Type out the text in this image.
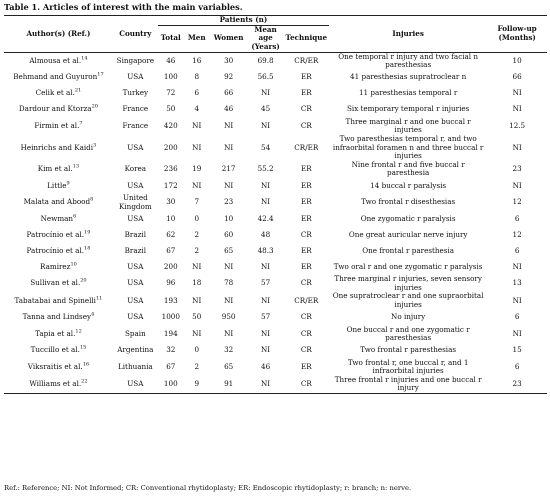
Table 1. Articles of interest with the main variables.
Author(s) (Ref.)	Country	Patients (n)					Injuries	Follow-up (Months)
		Total	Men	Women	Mean age (Years)	Technique		
Almousa et al.$^{14}$	Singapore	46	16	30	69.8	CR/ER	One temporal r injury and two facial n paresthesias	10
Behmand and Guyuron$^{17}$	USA	100	8	92	56.5	ER	41 paresthesias supratroclear n	66
Celik et al.$^{21}$	Turkey	72	6	66	NI	ER	11 paresthesias temporal r	NI
Dardour and Ktorza$^{20}$	France	50	4	46	45	CR	Six temporary temporal r injuries	NI
Firmin et al.$^7$	France	420	NI	NI	NI	CR	Three marginal r and one buccal r injuries	12.5
Heinrichs and Kaidi$^3$	USA	200	NI	NI	54	CR/ER	Two paresthesias temporal r, and two infraorbital foramen n and three buccal r injuries	NI
Kim et al.$^{13}$	Korea	236	19	217	55.2	ER	Nine frontal r and five buccal r paresthesia	23
Little$^9$	USA	172	NI	NI	NI	ER	14 buccal r paralysis	NI
Malata and Abood$^8$	United Kingdom	30	7	23	NI	ER	Two frontal r disesthesias	12
Newman$^6$	USA	10	0	10	42.4	ER	One zygomatic r paralysis	6
Patrocínio et al.$^{19}$	Brazil	62	2	60	48	CR	One great auricular nerve injury	12
Patrocínio et al.$^{18}$	Brazil	67	2	65	48.3	ER	One frontal r paresthesia	6
Ramirez$^{10}$	USA	200	NI	NI	NI	ER	Two oral r and one zygomatic r paralysis	NI
Sullivan et al.$^{20}$	USA	96	18	78	57	CR	Three marginal r injuries, seven sensory injuries	13
Tabatabai and Spinelli$^{11}$	USA	193	NI	NI	NI	CR/ER	One supratroclear r and one supraorbital injuries	NI
Tanna and Lindsey$^4$	USA	1000	50	950	57	CR	No injury	6
Tapia et al.$^{12}$	Spain	194	NI	NI	NI	CR	One buccal r and one zygomatic r paresthesias	NI
Tuccillo et al.$^{15}$	Argentina	32	0	32	NI	CR	Two frontal r paresthesias	15
Viksraitis et al.$^{16}$	Lithuania	67	2	65	46	ER	Two frontal r, one buccal r, and 1 infraorbital injuries	6
Williams et al.$^{22}$	USA	100	9	91	NI	CR	Three frontal r injuries and one buccal r injury	23
Ref.: Reference; NI: Not Informed; CR: Conventional rhytidoplasty; ER: Endoscopic rhytidoplasty; r: branch; n: nerve.
